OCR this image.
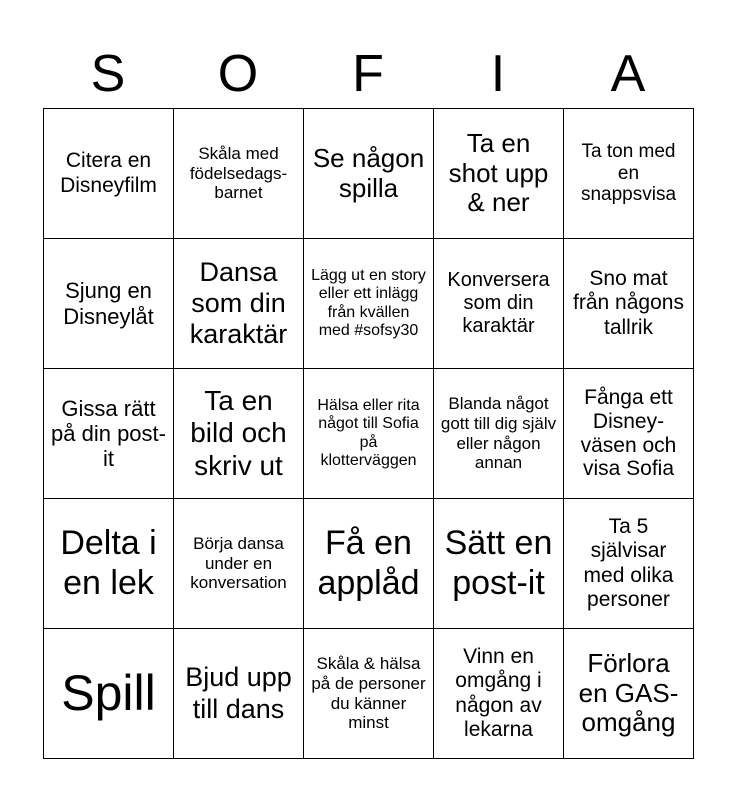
S	O	F	I	A
Citera en Disneyfilm	Skåla med födelsedags-barnet	Se någon spilla	Ta en shot upp & ner	Ta ton med en snappsvisa

Sjung en Disneylåt	Dansa som din karaktär	Lägg ut en story eller ett inlägg från kvällen med #sofsy30	Konversera som din karaktär	Sno mat från någons tallrik

Gissa rätt på din post-it	Ta en bild och skriv ut	Hälsa eller rita något till Sofia på klotterväggen	Blanda något gott till dig själv eller någon annan	Fånga ett Disney-väsen och visa Sofia

Delta i en lek	Börja dansa under en konversation	Få en applåd	Sätt en post-it	Ta 5 självisar med olika personer

Spill	Bjud upp till dans	Skåla & hälsa på de personer du känner minst	Vinn en omgång i någon av lekarna	Förlora en GAS-omgång
